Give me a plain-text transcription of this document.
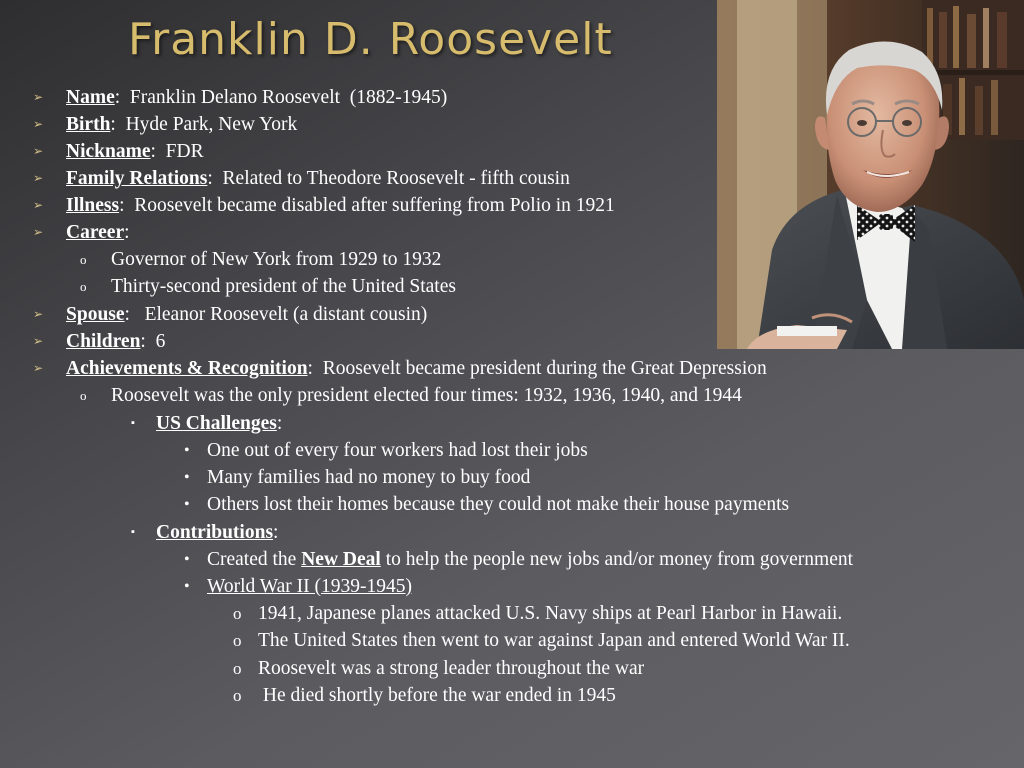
Franklin D. Roosevelt
➢ Name:  Franklin Delano Roosevelt  (1882-1945)
➢ Birth:  Hyde Park, New York
➢ Nickname:  FDR
➢ Family Relations:  Related to Theodore Roosevelt - fifth cousin
➢ Illness:  Roosevelt became disabled after suffering from Polio in 1921
➢ Career:
o Governor of New York from 1929 to 1932
o Thirty-second president of the United States
➢ Spouse:   Eleanor Roosevelt (a distant cousin)
➢ Children:  6
➢ Achievements & Recognition:  Roosevelt became president during the Great Depression
o Roosevelt was the only president elected four times: 1932, 1936, 1940, and 1944
▪ US Challenges:
• One out of every four workers had lost their jobs
• Many families had no money to buy food
• Others lost their homes because they could not make their house payments
▪ Contributions:
• Created the New Deal to help the people new jobs and/or money from government
• World War II (1939-1945)
o 1941, Japanese planes attacked U.S. Navy ships at Pearl Harbor in Hawaii.
o The United States then went to war against Japan and entered World War II.
o Roosevelt was a strong leader throughout the war
o He died shortly before the war ended in 1945
